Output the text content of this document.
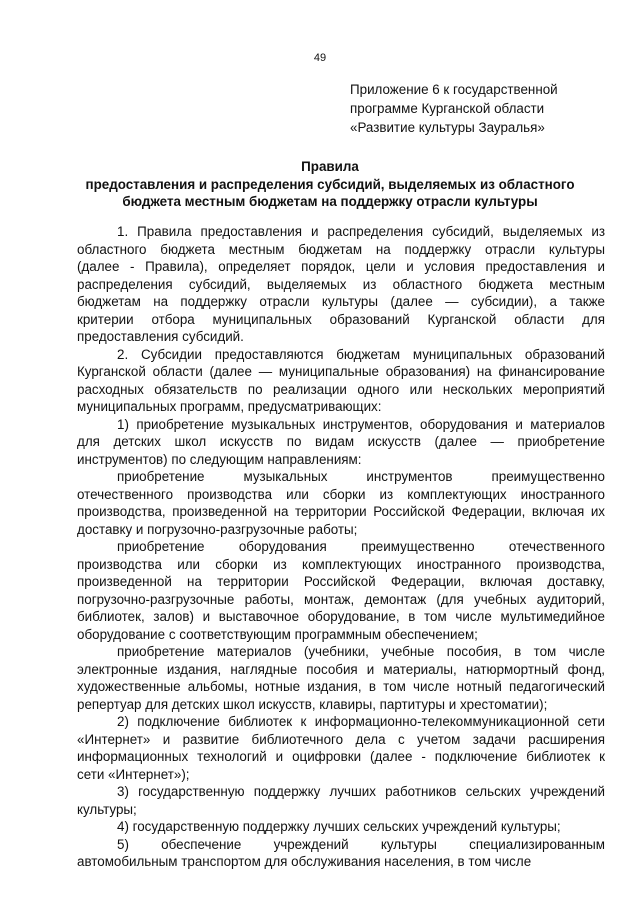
49
Приложение 6 к государственной
программе Курганской области
«Развитие культуры Зауралья»
Правила
предоставления и распределения субсидий, выделяемых из областного
бюджета местным бюджетам на поддержку отрасли культуры
1. Правила предоставления и распределения субсидий, выделяемых из
областного бюджета местным бюджетам на поддержку отрасли культуры
(далее - Правила), определяет порядок, цели и условия предоставления и
распределения субсидий, выделяемых из областного бюджета местным
бюджетам на поддержку отрасли культуры (далее — субсидии), а также
критерии отбора муниципальных образований Курганской области для
предоставления субсидий.
2. Субсидии предоставляются бюджетам муниципальных образований
Курганской области (далее — муниципальные образования) на финансирование
расходных обязательств по реализации одного или нескольких мероприятий
муниципальных программ, предусматривающих:
1) приобретение музыкальных инструментов, оборудования и материалов
для детских школ искусств по видам искусств (далее — приобретение
инструментов) по следующим направлениям:
приобретение музыкальных инструментов преимущественно
отечественного производства или сборки из комплектующих иностранного
производства, произведенной на территории Российской Федерации, включая их
доставку и погрузочно-разгрузочные работы;
приобретение оборудования преимущественно отечественного
производства или сборки из комплектующих иностранного производства,
произведенной на территории Российской Федерации, включая доставку,
погрузочно-разгрузочные работы, монтаж, демонтаж (для учебных аудиторий,
библиотек, залов) и выставочное оборудование, в том числе мультимедийное
оборудование с соответствующим программным обеспечением;
приобретение материалов (учебники, учебные пособия, в том числе
электронные издания, наглядные пособия и материалы, натюрмортный фонд,
художественные альбомы, нотные издания, в том числе нотный педагогический
репертуар для детских школ искусств, клавиры, партитуры и хрестоматии);
2) подключение библиотек к информационно-телекоммуникационной сети
«Интернет» и развитие библиотечного дела с учетом задачи расширения
информационных технологий и оцифровки (далее - подключение библиотек к
сети «Интернет»);
3) государственную поддержку лучших работников сельских учреждений
культуры;
4) государственную поддержку лучших сельских учреждений культуры;
5) обеспечение учреждений культуры специализированным
автомобильным транспортом для обслуживания населения, в том числе
